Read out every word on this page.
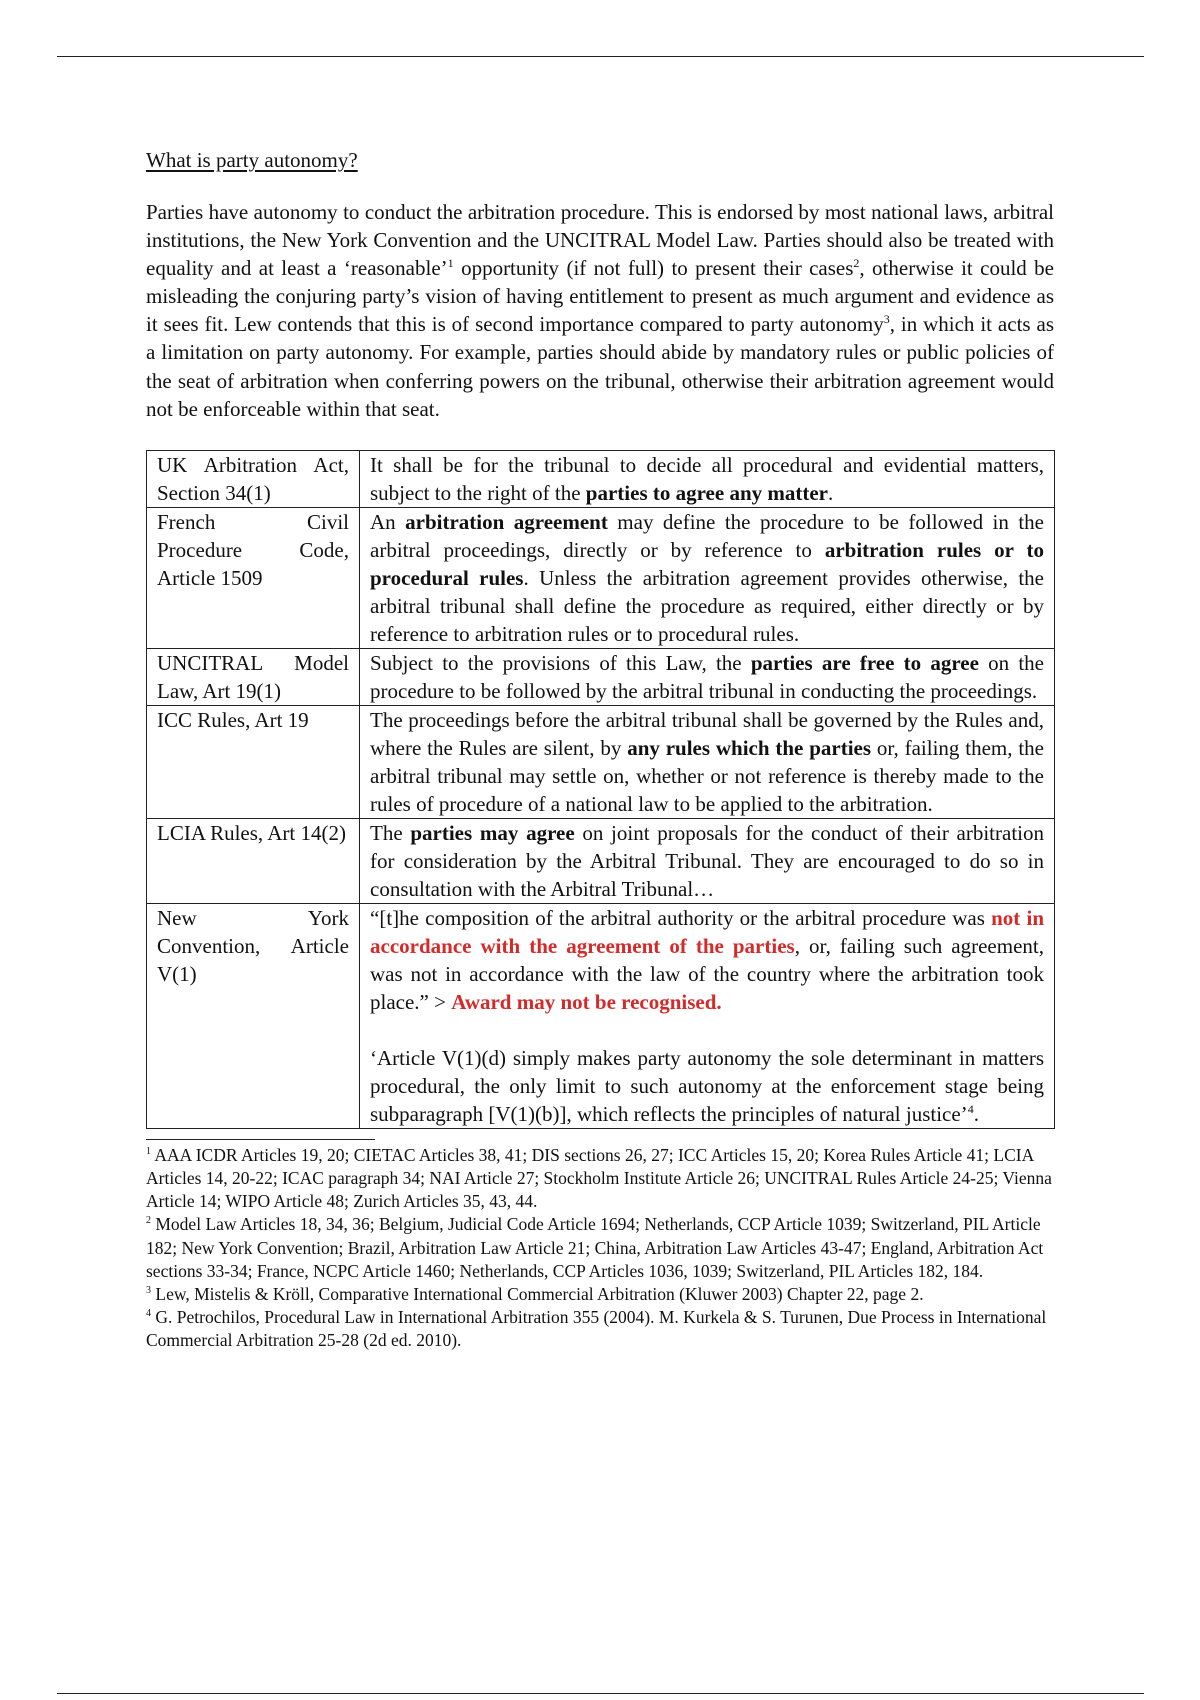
What is party autonomy?

Parties have autonomy to conduct the arbitration procedure. This is endorsed by most national laws, arbitral institutions, the New York Convention and the UNCITRAL Model Law. Parties should also be treated with equality and at least a ‘reasonable’$^1$ opportunity (if not full) to present their cases$^2$, otherwise it could be misleading the conjuring party’s vision of having entitlement to present as much argument and evidence as it sees fit. Lew contends that this is of second importance compared to party autonomy$^3$, in which it acts as a limitation on party autonomy. For example, parties should abide by mandatory rules or public policies of the seat of arbitration when conferring powers on the tribunal, otherwise their arbitration agreement would not be enforceable within that seat.

UK Arbitration Act, Section 34(1)	It shall be for the tribunal to decide all procedural and evidential matters, subject to the right of the parties to agree any matter.
French Civil Procedure Code, Article 1509	An arbitration agreement may define the procedure to be followed in the arbitral proceedings, directly or by reference to arbitration rules or to procedural rules. Unless the arbitration agreement provides otherwise, the arbitral tribunal shall define the procedure as required, either directly or by reference to arbitration rules or to procedural rules.
UNCITRAL Model Law, Art 19(1)	Subject to the provisions of this Law, the parties are free to agree on the procedure to be followed by the arbitral tribunal in conducting the proceedings.
ICC Rules, Art 19	The proceedings before the arbitral tribunal shall be governed by the Rules and, where the Rules are silent, by any rules which the parties or, failing them, the arbitral tribunal may settle on, whether or not reference is thereby made to the rules of procedure of a national law to be applied to the arbitration.
LCIA Rules, Art 14(2)	The parties may agree on joint proposals for the conduct of their arbitration for consideration by the Arbitral Tribunal. They are encouraged to do so in consultation with the Arbitral Tribunal…
New York Convention, Article V(1)	“[t]he composition of the arbitral authority or the arbitral procedure was not in accordance with the agreement of the parties, or, failing such agreement, was not in accordance with the law of the country where the arbitration took place.” > Award may not be recognised.
‘Article V(1)(d) simply makes party autonomy the sole determinant in matters procedural, the only limit to such autonomy at the enforcement stage being subparagraph [V(1)(b)], which reflects the principles of natural justice’$^4$.

$^1$ AAA ICDR Articles 19, 20; CIETAC Articles 38, 41; DIS sections 26, 27; ICC Articles 15, 20; Korea Rules Article 41; LCIA Articles 14, 20-22; ICAC paragraph 34; NAI Article 27; Stockholm Institute Article 26; UNCITRAL Rules Article 24-25; Vienna Article 14; WIPO Article 48; Zurich Articles 35, 43, 44.

$^2$ Model Law Articles 18, 34, 36; Belgium, Judicial Code Article 1694; Netherlands, CCP Article 1039; Switzerland, PIL Article 182; New York Convention; Brazil, Arbitration Law Article 21; China, Arbitration Law Articles 43-47; England, Arbitration Act sections 33-34; France, NCPC Article 1460; Netherlands, CCP Articles 1036, 1039; Switzerland, PIL Articles 182, 184.

$^3$ Lew, Mistelis & Kröll, Comparative International Commercial Arbitration (Kluwer 2003) Chapter 22, page 2.

$^4$ G. Petrochilos, Procedural Law in International Arbitration 355 (2004). M. Kurkela & S. Turunen, Due Process in International Commercial Arbitration 25-28 (2d ed. 2010).
